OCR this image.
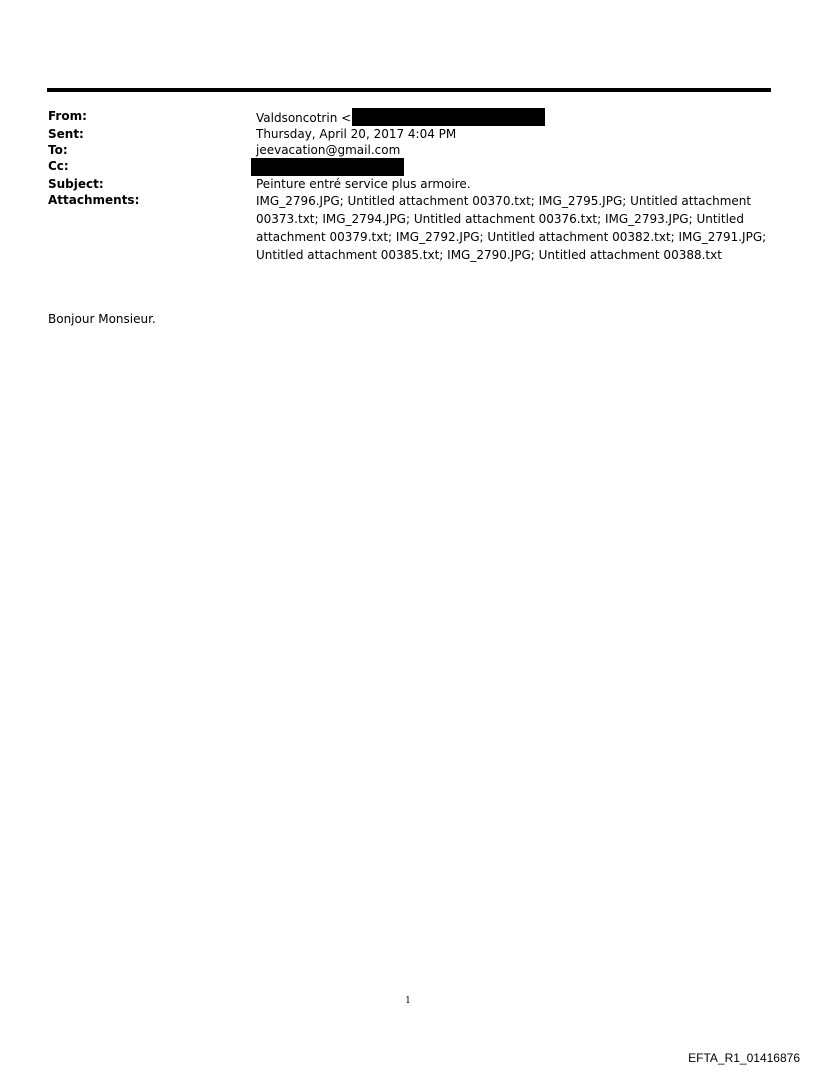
From:	Valdsoncotrin <
Sent:	Thursday, April 20, 2017 4:04 PM
To:	jeevacation@gmail.com
Cc:
Subject:	Peinture entré service plus armoire.
Attachments:	IMG_2796.JPG; Untitled attachment 00370.txt; IMG_2795.JPG; Untitled attachment 00373.txt; IMG_2794.JPG; Untitled attachment 00376.txt; IMG_2793.JPG; Untitled attachment 00379.txt; IMG_2792.JPG; Untitled attachment 00382.txt; IMG_2791.JPG; Untitled attachment 00385.txt; IMG_2790.JPG; Untitled attachment 00388.txt
Bonjour Monsieur.
1
EFTA_R1_01416876
